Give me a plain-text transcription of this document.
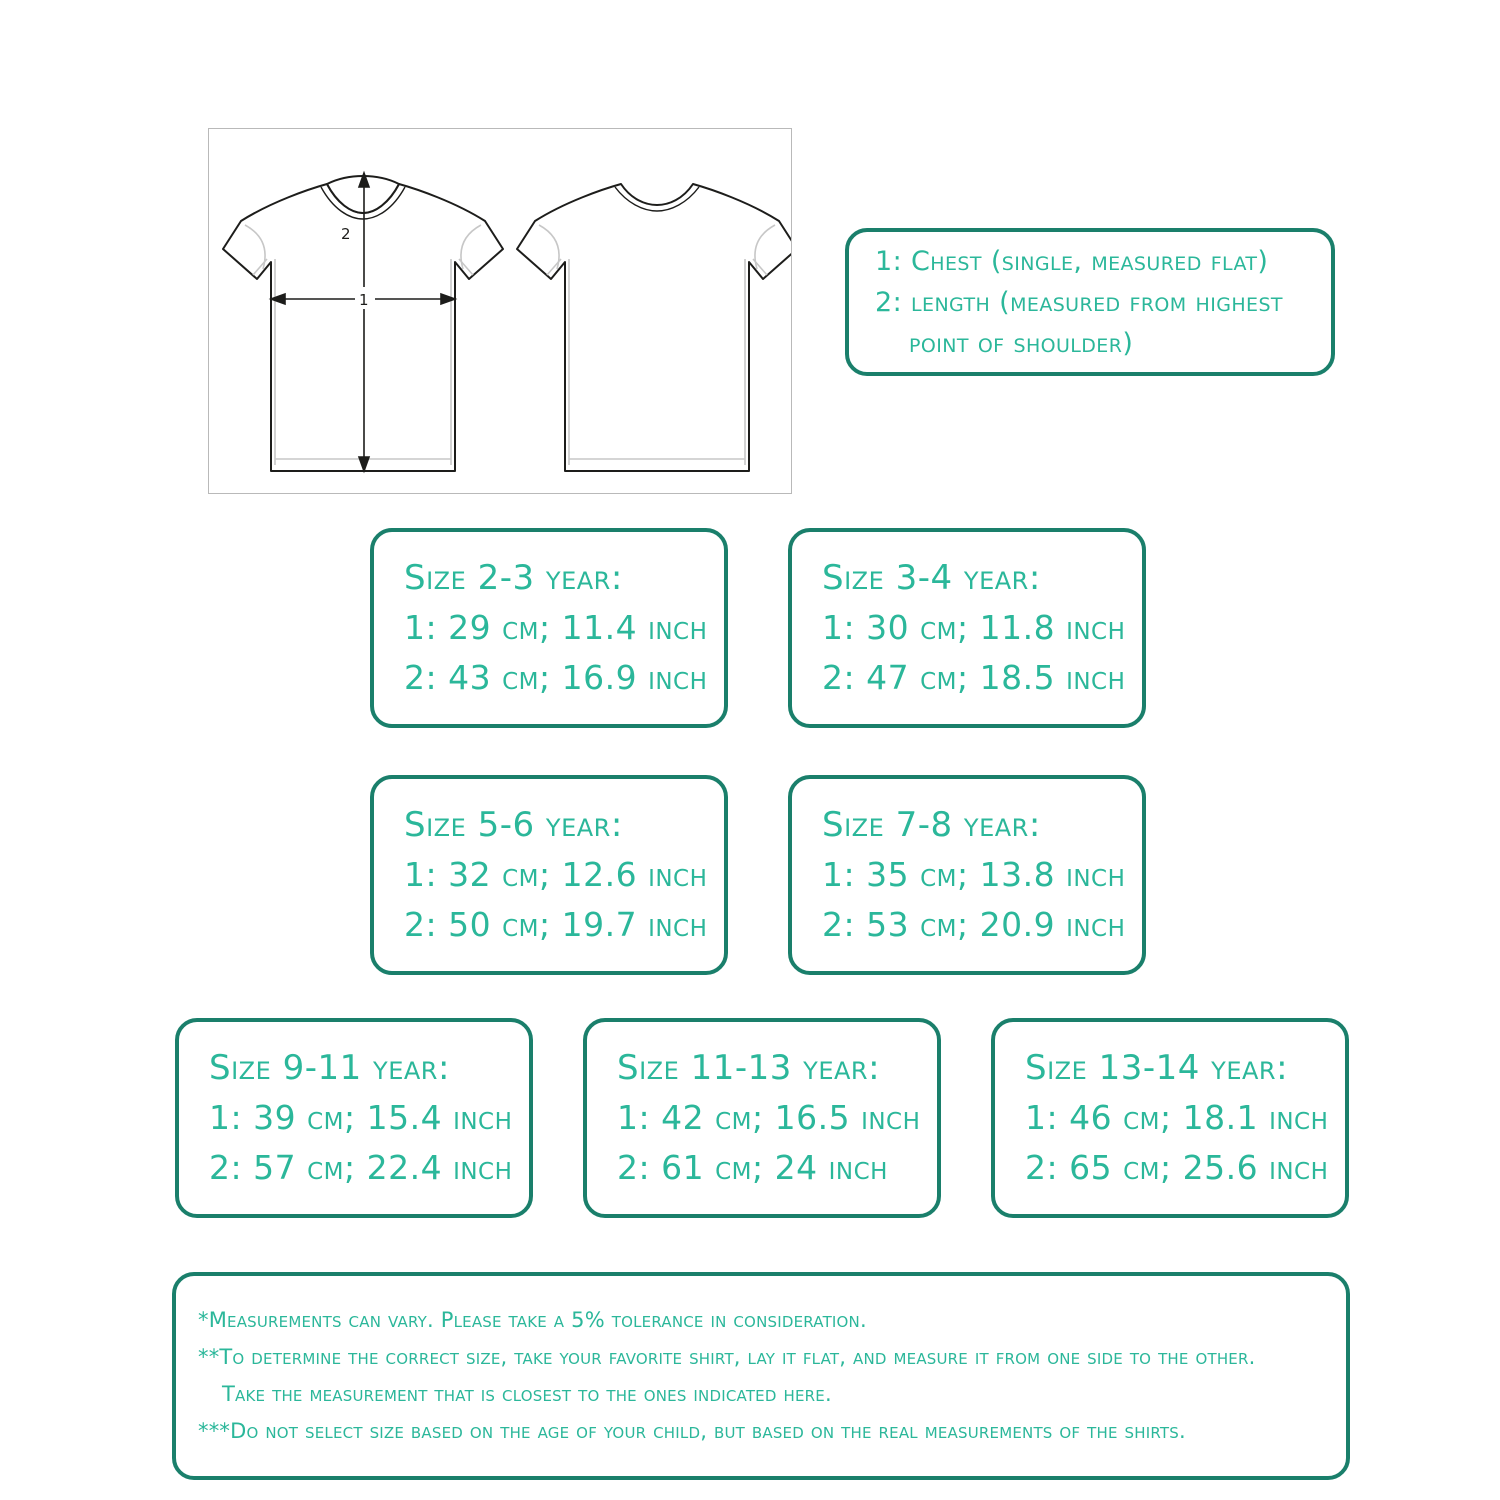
1
2
1: Chest (single, measured flat)
2: length (measured from highest
point of shoulder)
Size 2-3 year:
1: 29 cm; 11.4 inch
2: 43 cm; 16.9 inch
Size 3-4 year:
1: 30 cm; 11.8 inch
2: 47 cm; 18.5 inch
Size 5-6 year:
1: 32 cm; 12.6 inch
2: 50 cm; 19.7 inch
Size 7-8 year:
1: 35 cm; 13.8 inch
2: 53 cm; 20.9 inch
Size 9-11 year:
1: 39 cm; 15.4 inch
2: 57 cm; 22.4 inch
Size 11-13 year:
1: 42 cm; 16.5 inch
2: 61 cm; 24 inch
Size 13-14 year:
1: 46 cm; 18.1 inch
2: 65 cm; 25.6 inch
*Measurements can vary. Please take a 5% tolerance in consideration.
**To determine the correct size, take your favorite shirt, lay it flat, and measure it from one side to the other.
Take the measurement that is closest to the ones indicated here.
***Do not select size based on the age of your child, but based on the real measurements of the shirts.
